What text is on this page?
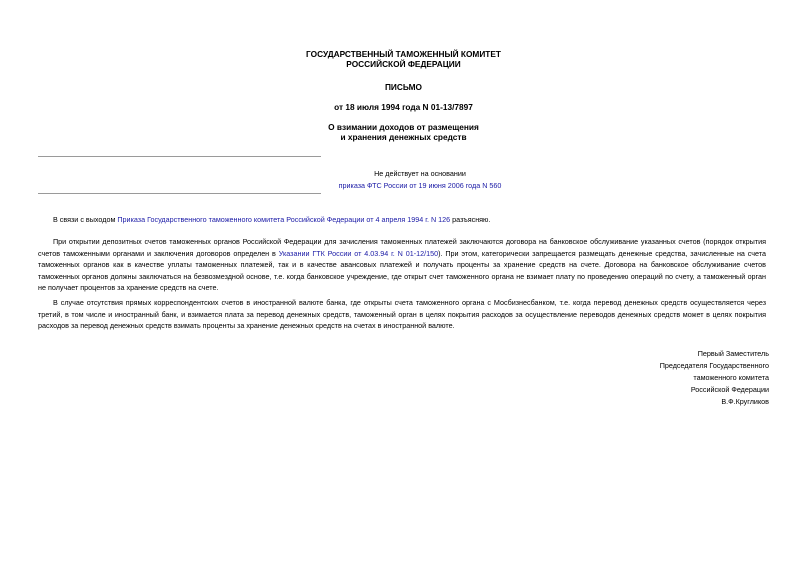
ГОСУДАРСТВЕННЫЙ ТАМОЖЕННЫЙ КОМИТЕТ
РОССИЙСКОЙ ФЕДЕРАЦИИ
ПИСЬМО
от 18 июля 1994 года N 01-13/7897
О взимании доходов от размещения
и хранения денежных средств
Не действует на основании
приказа ФТС России от 19 июня 2006 года N 560

В связи с выходом Приказа Государственного таможенного комитета Российской Федерации от 4 апреля 1994 г. N 126 разъясняю.

При открытии депозитных счетов таможенных органов Российской Федерации для зачисления таможенных платежей заключаются договора на банковское обслуживание указанных счетов (порядок открытия счетов таможенными органами и заключения договоров определен в Указании ГТК России от 4.03.94 г. N 01-12/150). При этом, категорически запрещается размещать денежные средства, зачисленные на счета таможенных органов как в качестве уплаты таможенных платежей, так и в качестве авансовых платежей и получать проценты за хранение средств на счете. Договора на банковское обслуживание счетов таможенных органов должны заключаться на безвозмездной основе, т.е. когда банковское учреждение, где открыт счет таможенного органа не взимает плату по проведению операций по счету, а таможенный орган не получает процентов за хранение средств на счете.

В случае отсутствия прямых корреспондентских счетов в иностранной валюте банка, где открыты счета таможенного органа с Мосбизнесбанком, т.е. когда перевод денежных средств осуществляется через третий, в том числе и иностранный банк, и взимается плата за перевод денежных средств, таможенный орган в целях покрытия расходов за осуществление переводов денежных средств может в целях покрытия расходов за перевод денежных средств взимать проценты за хранение денежных средств на счетах в иностранной валюте.

Первый Заместитель
Председателя Государственного
таможенного комитета
Российской Федерации
В.Ф.Кругликов
